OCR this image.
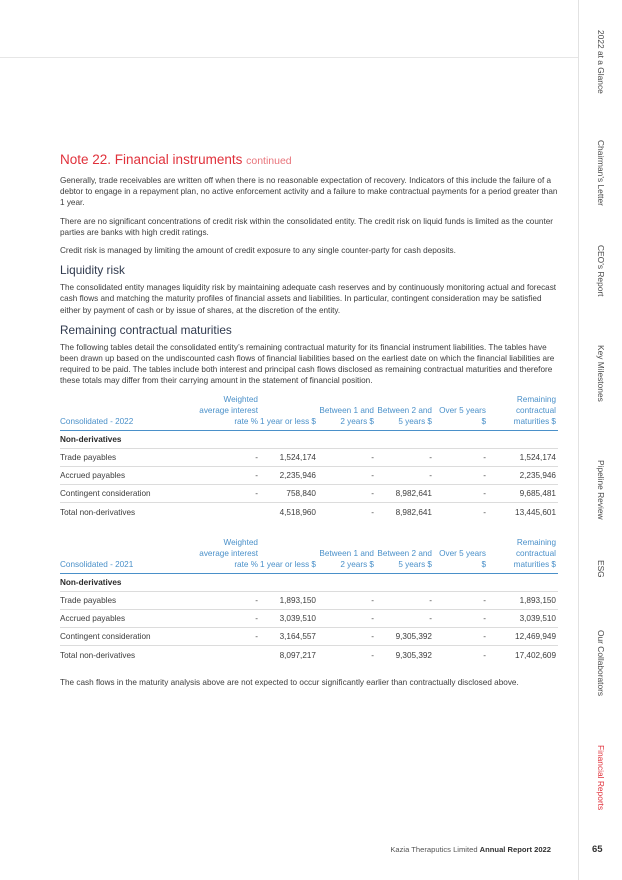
Note 22. Financial instruments continued

Generally, trade receivables are written off when there is no reasonable expectation of recovery. Indicators of this include the failure of a debtor to engage in a repayment plan, no active enforcement activity and a failure to make contractual payments for a period greater than 1 year.

There are no significant concentrations of credit risk within the consolidated entity. The credit risk on liquid funds is limited as the counter parties are banks with high credit ratings.

Credit risk is managed by limiting the amount of credit exposure to any single counter-party for cash deposits.

Liquidity risk

The consolidated entity manages liquidity risk by maintaining adequate cash reserves and by continuously monitoring actual and forecast cash flows and matching the maturity profiles of financial assets and liabilities. In particular, contingent consideration may be satisfied either by payment of cash or by issue of shares, at the discretion of the entity.

Remaining contractual maturities

The following tables detail the consolidated entity’s remaining contractual maturity for its financial instrument liabilities. The tables have been drawn up based on the undiscounted cash flows of financial liabilities based on the earliest date on which the financial liabilities are required to be paid. The tables include both interest and principal cash flows disclosed as remaining contractual maturities and therefore these totals may differ from their carrying amount in the statement of financial position.

Consolidated - 2022	Weighted average interest rate %	1 year or less $	Between 1 and 2 years $	Between 2 and 5 years $	Over 5 years $	Remaining contractual maturities $
Non-derivatives						
Trade payables	-	1,524,174	-	-	-	1,524,174
Accrued payables	-	2,235,946	-	-	-	2,235,946
Contingent consideration	-	758,840	-	8,982,641	-	9,685,481
Total non-derivatives		4,518,960	-	8,982,641	-	13,445,601
Consolidated - 2021	Weighted average interest rate %	1 year or less $	Between 1 and 2 years $	Between 2 and 5 years $	Over 5 years $	Remaining contractual maturities $
Non-derivatives						
Trade payables	-	1,893,150	-	-	-	1,893,150
Accrued payables	-	3,039,510	-	-	-	3,039,510
Contingent consideration	-	3,164,557	-	9,305,392	-	12,469,949
Total non-derivatives		8,097,217	-	9,305,392	-	17,402,609

The cash flows in the maturity analysis above are not expected to occur significantly earlier than contractually disclosed above.

Kazia Theraputics Limited Annual Report 2022	65
2022 at a Glance
Chairman’s Letter
CEO’s Report
Key Milestones
Pipeline Review
ESG
Our Collaborators
Financial Reports
